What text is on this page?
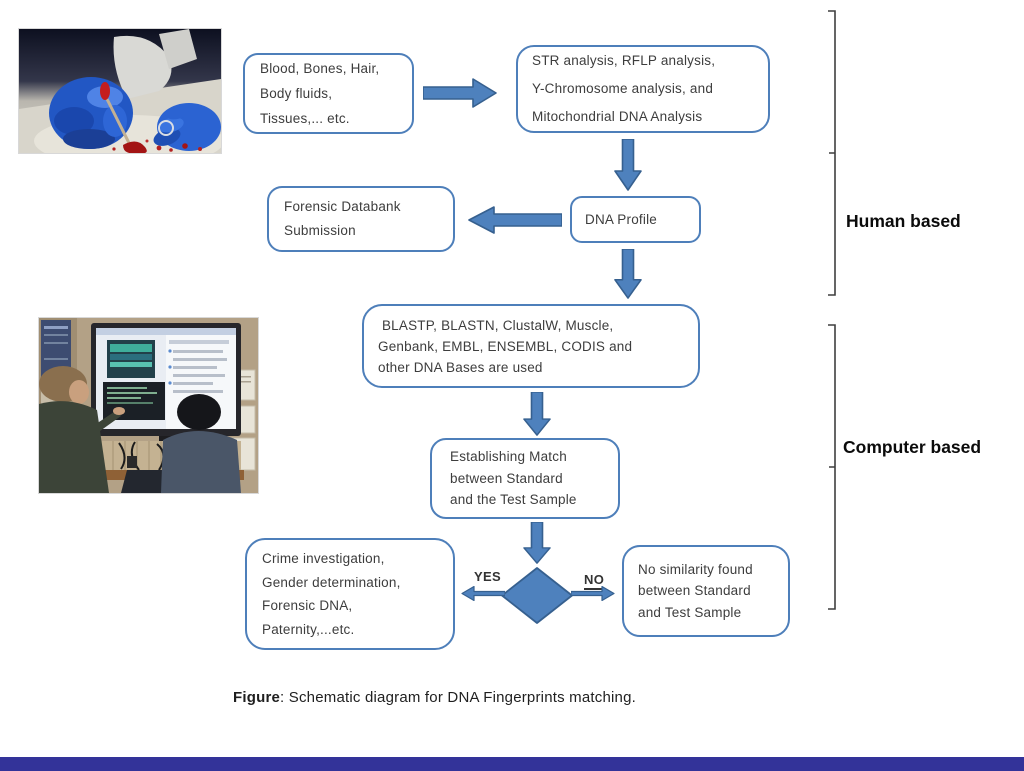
Blood, Bones, Hair,
Body fluids,
Tissues,... etc.
STR analysis, RFLP analysis,
Y-Chromosome analysis, and
Mitochondrial DNA Analysis
DNA Profile
Forensic Databank
Submission
BLASTP, BLASTN, ClustalW, Muscle,
Genbank, EMBL, ENSEMBL, CODIS and
other DNA Bases are used
Establishing Match
between Standard
and the Test Sample
YES	NO
Crime investigation,
Gender determination,
Forensic DNA,
Paternity,...etc.
No similarity found
between Standard
and Test Sample
Human based
Computer based
Figure: Schematic diagram for DNA Fingerprints matching.
